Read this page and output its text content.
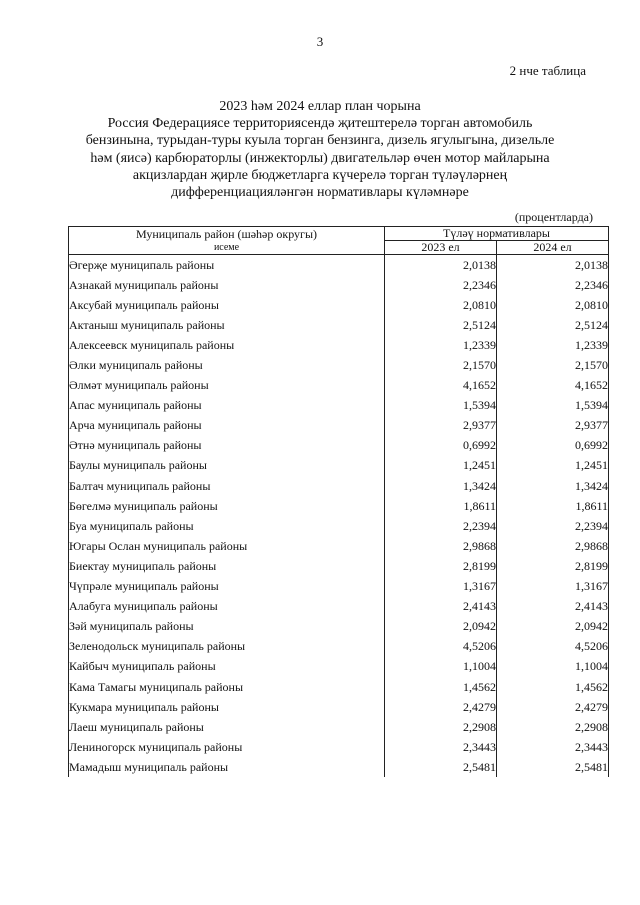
3
2 нче таблица
2023 һәм 2024 еллар план чорына
Россия Федерациясе территориясендә җитештерелә торган автомобиль
бензинына, турыдан-туры куыла торган бензинга, дизель ягулыгына, дизельле
һәм (яисә) карбюраторлы (инжекторлы) двигательләр өчен мотор майларына
акцизлардан җирле бюджетларга күчерелә торган түләүләрнең
дифференциацияләнгән нормативлары күләмнәре
(процентларда)
Муниципаль район (шәһәр округы)
исеме	Түләү нормативлары	
	2023 ел	2024 ел
Әгерҗе муниципаль районы	2,0138	2,0138
Азнакай муниципаль районы	2,2346	2,2346
Аксубай муниципаль районы	2,0810	2,0810
Актаныш муниципаль районы	2,5124	2,5124
Алексеевск муниципаль районы	1,2339	1,2339
Әлки муниципаль районы	2,1570	2,1570
Әлмәт муниципаль районы	4,1652	4,1652
Апас муниципаль районы	1,5394	1,5394
Арча муниципаль районы	2,9377	2,9377
Әтнә муниципаль районы	0,6992	0,6992
Баулы муниципаль районы	1,2451	1,2451
Балтач муниципаль районы	1,3424	1,3424
Бөгелмә муниципаль районы	1,8611	1,8611
Буа муниципаль районы	2,2394	2,2394
Югары Ослан муниципаль районы	2,9868	2,9868
Биектау муниципаль районы	2,8199	2,8199
Чүпрәле муниципаль районы	1,3167	1,3167
Алабуга муниципаль районы	2,4143	2,4143
Зәй муниципаль районы	2,0942	2,0942
Зеленодольск муниципаль районы	4,5206	4,5206
Кайбыч муниципаль районы	1,1004	1,1004
Кама Тамагы муниципаль районы	1,4562	1,4562
Кукмара муниципаль районы	2,4279	2,4279
Лаеш муниципаль районы	2,2908	2,2908
Лениногорск муниципаль районы	2,3443	2,3443
Мамадыш муниципаль районы	2,5481	2,5481
